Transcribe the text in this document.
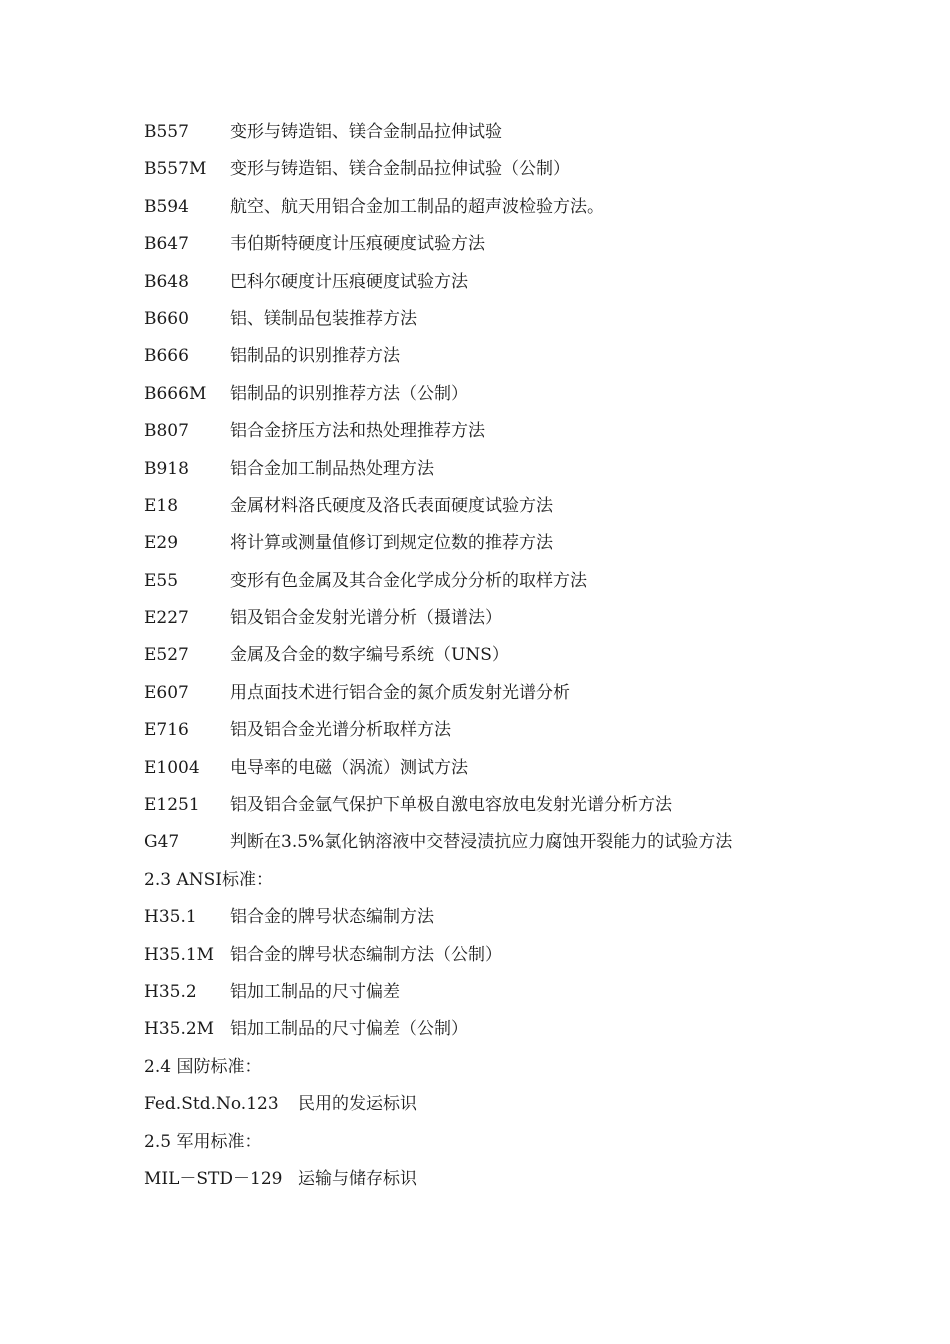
B557 变形与铸造铝、镁合金制品拉伸试验
B557M 变形与铸造铝、镁合金制品拉伸试验（公制）
B594 航空、航天用铝合金加工制品的超声波检验方法。
B647 韦伯斯特硬度计压痕硬度试验方法
B648 巴科尔硬度计压痕硬度试验方法
B660 铝、镁制品包装推荐方法
B666 铝制品的识别推荐方法
B666M 铝制品的识别推荐方法（公制）
B807 铝合金挤压方法和热处理推荐方法
B918 铝合金加工制品热处理方法
E18	金属材料洛氏硬度及洛氏表面硬度试验方法
E29	将计算或测量值修订到规定位数的推荐方法
E55	变形有色金属及其合金化学成分分析的取样方法
E227 铝及铝合金发射光谱分析（摄谱法）
E527 金属及合金的数字编号系统（UNS）
E607 用点面技术进行铝合金的氮介质发射光谱分析
E716 铝及铝合金光谱分析取样方法
E1004 电导率的电磁（涡流）测试方法
E1251 铝及铝合金氩气保护下单极自激电容放电发射光谱分析方法
G47	判断在3.5%氯化钠溶液中交替浸渍抗应力腐蚀开裂能力的试验方法
2.3 ANSI标准：
H35.1 铝合金的牌号状态编制方法
H35.1M 铝合金的牌号状态编制方法（公制）
H35.2 铝加工制品的尺寸偏差
H35.2M 铝加工制品的尺寸偏差（公制）
2.4 国防标准：
Fed.Std.No.123 民用的发运标识
2.5 军用标准：
MIL－STD－129 运输与储存标识
